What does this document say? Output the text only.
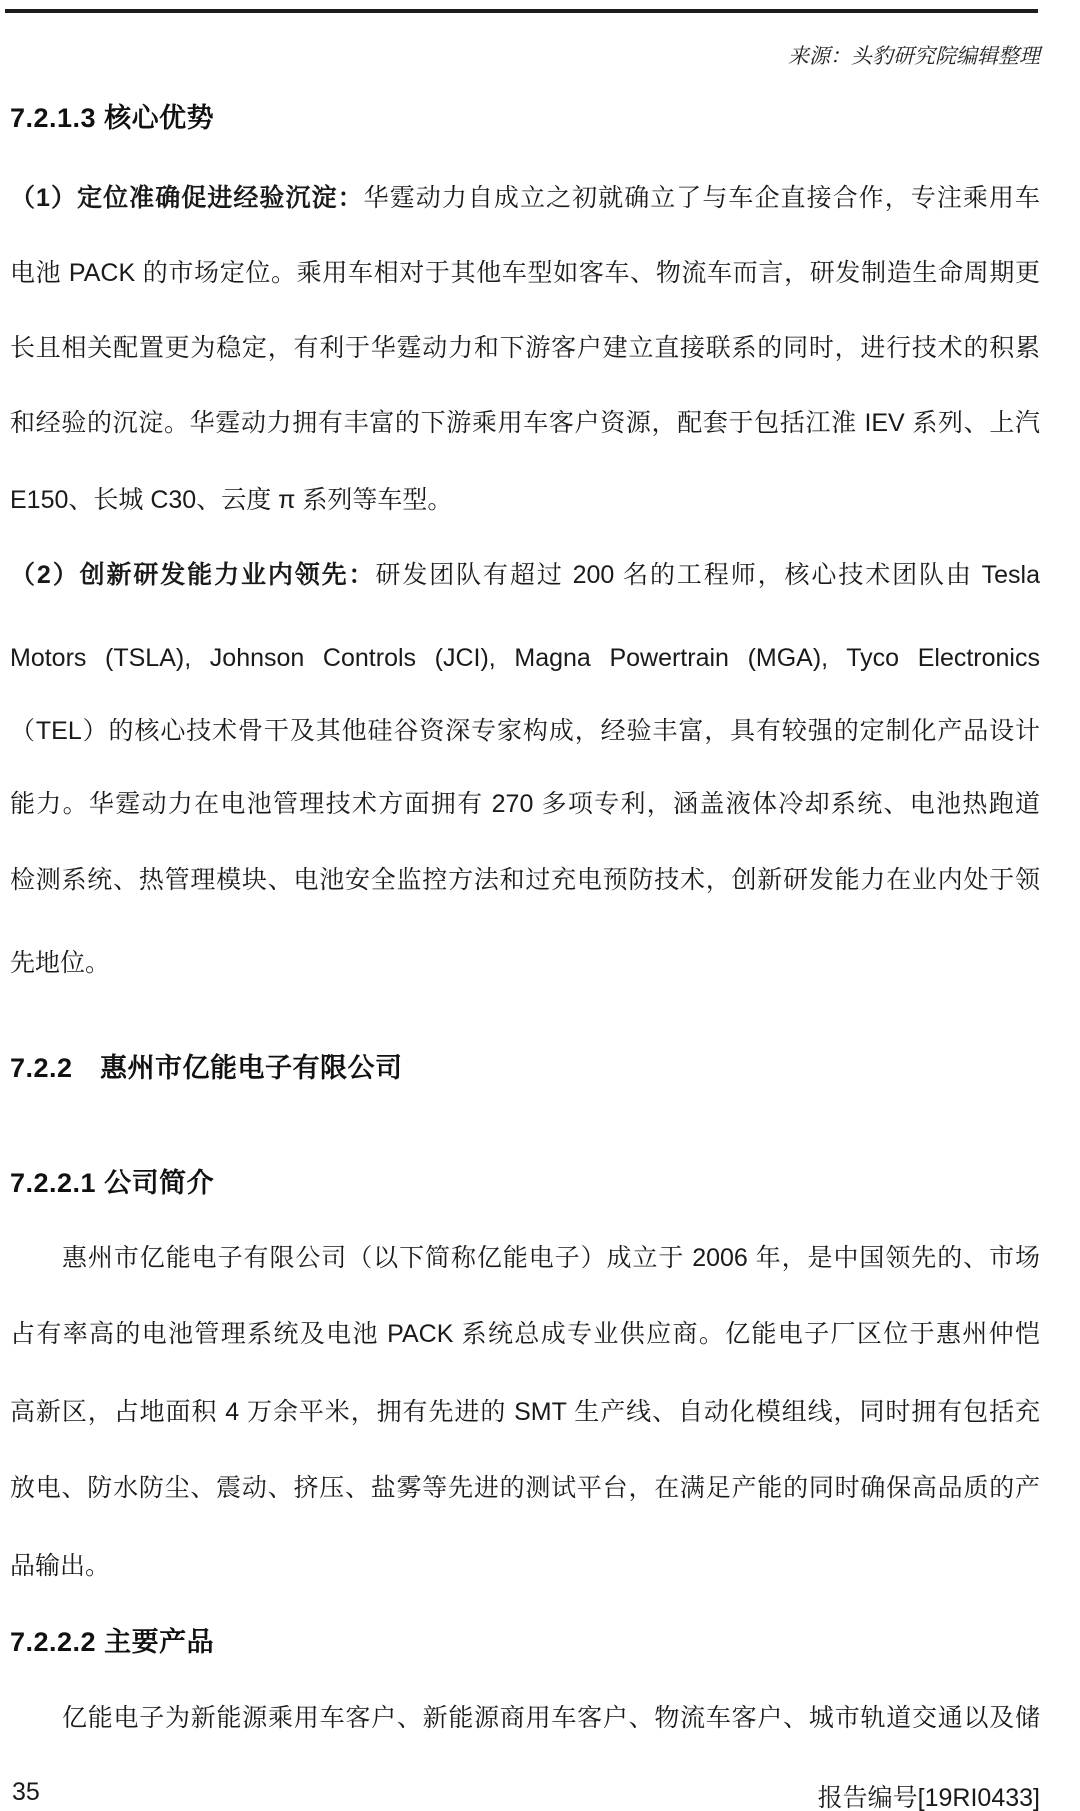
来源：头豹研究院编辑整理
7.2.1.3 核心优势
（1）定位准确促进经验沉淀：华霆动力自成立之初就确立了与车企直接合作，专注乘用车
电池 PACK 的市场定位。乘用车相对于其他车型如客车、物流车而言，研发制造生命周期更
长且相关配置更为稳定，有利于华霆动力和下游客户建立直接联系的同时，进行技术的积累
和经验的沉淀。华霆动力拥有丰富的下游乘用车客户资源，配套于包括江淮 IEV 系列、上汽
E150、长城 C30、云度 π 系列等车型。
（2）创新研发能力业内领先：研发团队有超过 200 名的工程师，核心技术团队由 Tesla
Motors (TSLA), Johnson Controls (JCI), Magna Powertrain (MGA), Tyco Electronics
（TEL）的核心技术骨干及其他硅谷资深专家构成，经验丰富，具有较强的定制化产品设计
能力。华霆动力在电池管理技术方面拥有 270 多项专利，涵盖液体冷却系统、电池热跑道
检测系统、热管理模块、电池安全监控方法和过充电预防技术，创新研发能力在业内处于领
先地位。
7.2.2　惠州市亿能电子有限公司
7.2.2.1 公司简介
惠州市亿能电子有限公司（以下简称亿能电子）成立于 2006 年，是中国领先的、市场
占有率高的电池管理系统及电池 PACK 系统总成专业供应商。亿能电子厂区位于惠州仲恺
高新区，占地面积 4 万余平米，拥有先进的 SMT 生产线、自动化模组线，同时拥有包括充
放电、防水防尘、震动、挤压、盐雾等先进的测试平台，在满足产能的同时确保高品质的产
品输出。
7.2.2.2 主要产品
亿能电子为新能源乘用车客户、新能源商用车客户、物流车客户、城市轨道交通以及储
35	报告编号[19RI0433]
